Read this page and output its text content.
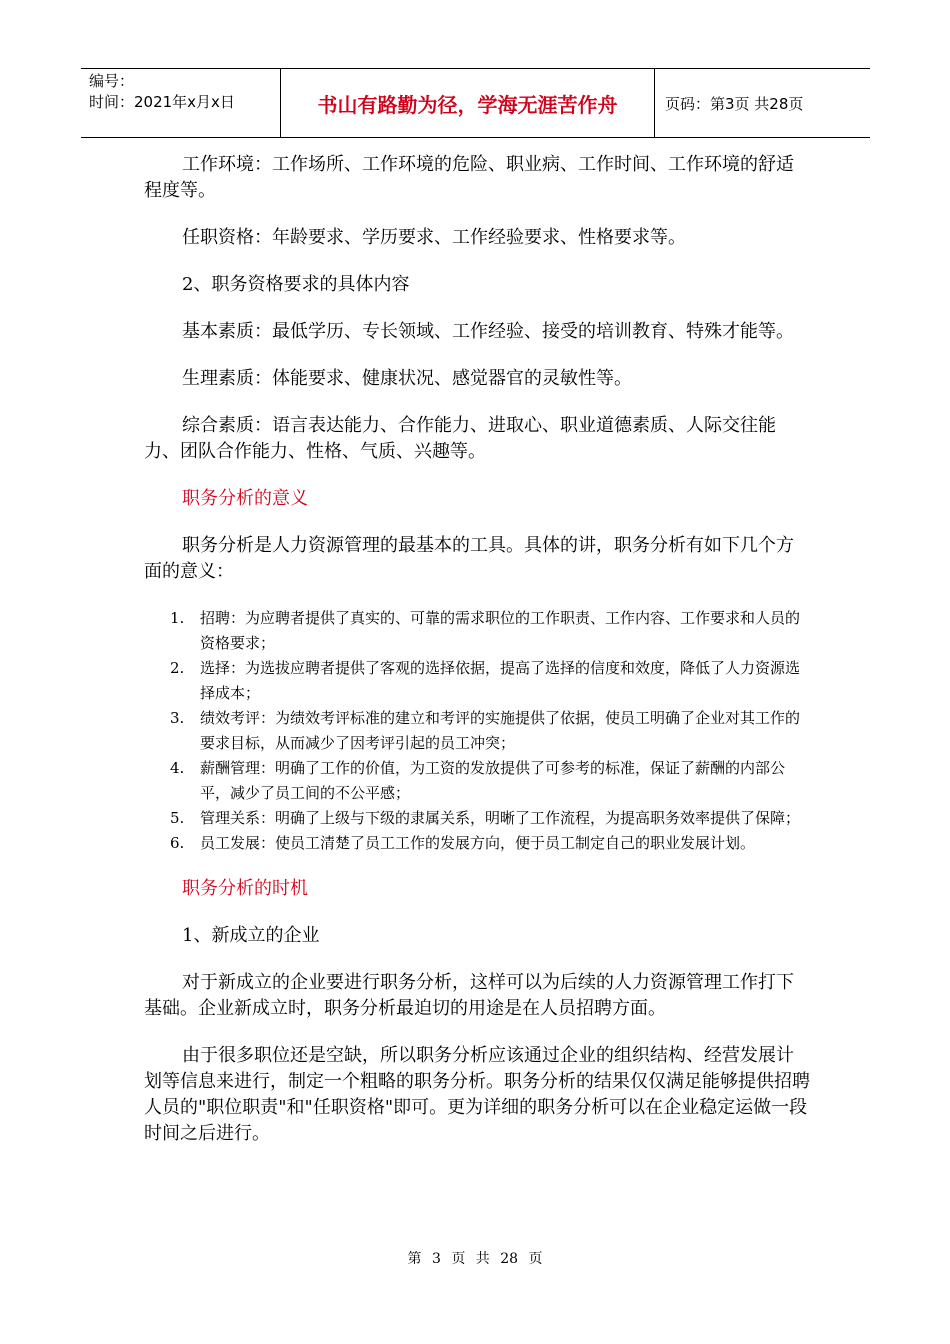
编号：
时间：2021年x月x日	书山有路勤为径，学海无涯苦作舟	页码：第3页 共28页

工作环境：工作场所、工作环境的危险、职业病、工作时间、工作环境的舒适程度等。

任职资格：年龄要求、学历要求、工作经验要求、性格要求等。

2、职务资格要求的具体内容

基本素质：最低学历、专长领域、工作经验、接受的培训教育、特殊才能等。

生理素质：体能要求、健康状况、感觉器官的灵敏性等。

综合素质：语言表达能力、合作能力、进取心、职业道德素质、人际交往能力、团队合作能力、性格、气质、兴趣等。

职务分析的意义

职务分析是人力资源管理的最基本的工具。具体的讲，职务分析有如下几个方面的意义：

1. 招聘：为应聘者提供了真实的、可靠的需求职位的工作职责、工作内容、工作要求和人员的资格要求；
2. 选择：为选拔应聘者提供了客观的选择依据，提高了选择的信度和效度，降低了人力资源选择成本；
3. 绩效考评：为绩效考评标准的建立和考评的实施提供了依据，使员工明确了企业对其工作的要求目标，从而减少了因考评引起的员工冲突；
4. 薪酬管理：明确了工作的价值，为工资的发放提供了可参考的标准，保证了薪酬的内部公平，减少了员工间的不公平感；
5. 管理关系：明确了上级与下级的隶属关系，明晰了工作流程，为提高职务效率提供了保障；
6. 员工发展：使员工清楚了员工工作的发展方向，便于员工制定自己的职业发展计划。

职务分析的时机

1、新成立的企业

对于新成立的企业要进行职务分析，这样可以为后续的人力资源管理工作打下基础。企业新成立时，职务分析最迫切的用途是在人员招聘方面。

由于很多职位还是空缺，所以职务分析应该通过企业的组织结构、经营发展计划等信息来进行，制定一个粗略的职务分析。职务分析的结果仅仅满足能够提供招聘人员的"职位职责"和"任职资格"即可。更为详细的职务分析可以在企业稳定运做一段时间之后进行。

第 3 页 共 28 页
